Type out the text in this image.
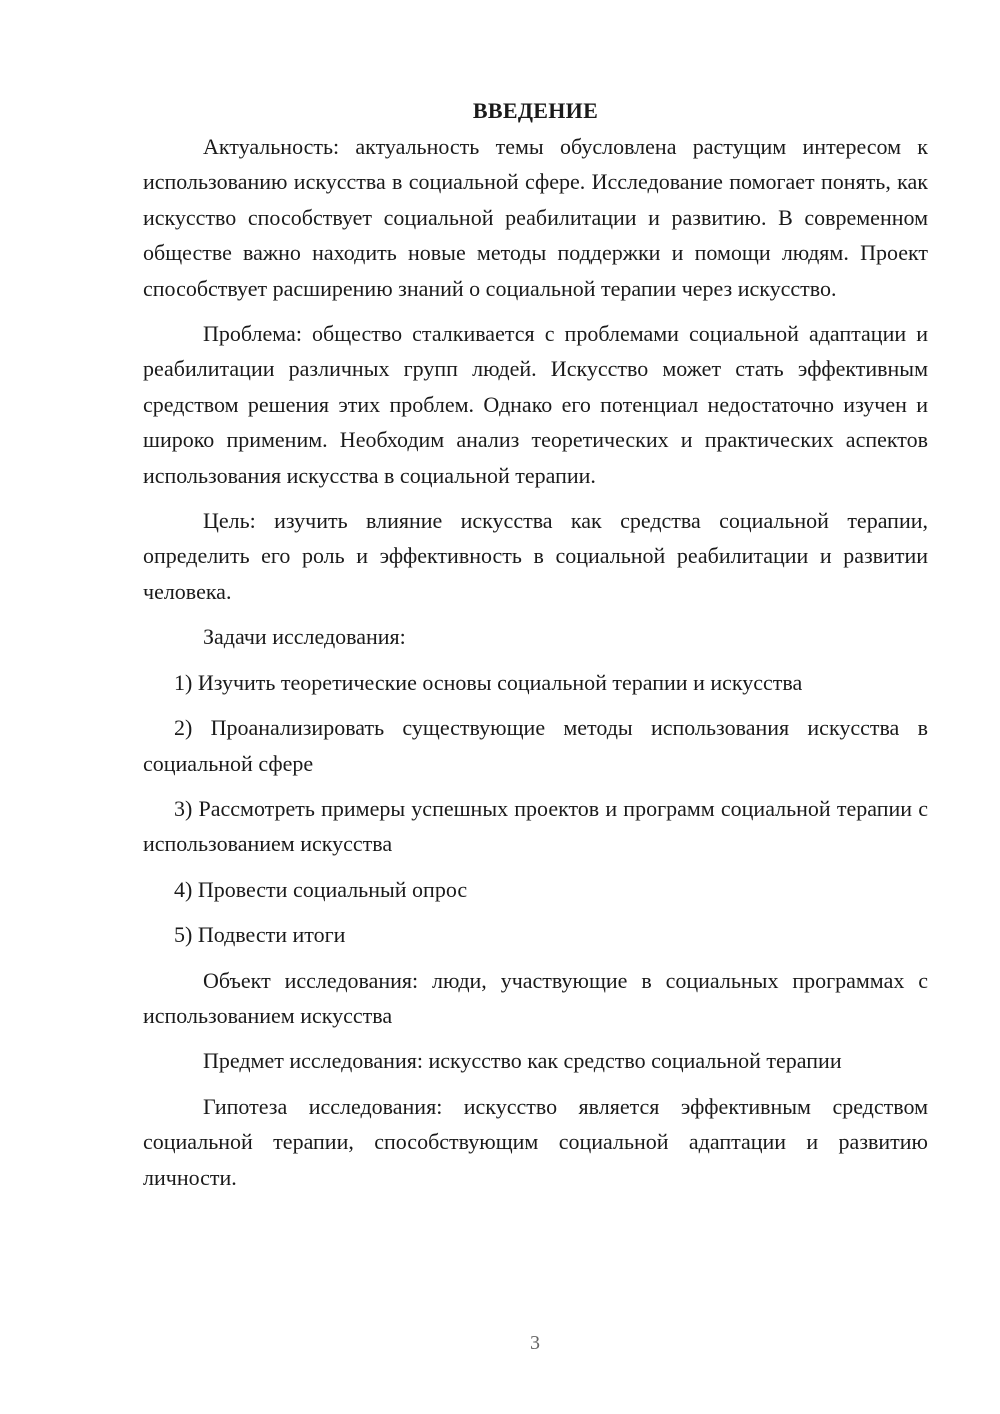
ВВЕДЕНИЕ

Актуальность: актуальность темы обусловлена растущим интересом к использованию искусства в социальной сфере. Исследование помогает понять, как искусство способствует социальной реабилитации и развитию. В современном обществе важно находить новые методы поддержки и помощи людям. Проект способствует расширению знаний о социальной терапии через искусство.

Проблема: общество сталкивается с проблемами социальной адаптации и реабилитации различных групп людей. Искусство может стать эффективным средством решения этих проблем. Однако его потенциал недостаточно изучен и широко применим. Необходим анализ теоретических и практических аспектов использования искусства в социальной терапии.

Цель: изучить влияние искусства как средства социальной терапии, определить его роль и эффективность в социальной реабилитации и развитии человека.

Задачи исследования:

1) Изучить теоретические основы социальной терапии и искусства

2) Проанализировать существующие методы использования искусства в социальной сфере

3) Рассмотреть примеры успешных проектов и программ социальной терапии с использованием искусства

4) Провести социальный опрос

5) Подвести итоги

Объект исследования: люди, участвующие в социальных программах с использованием искусства

Предмет исследования: искусство как средство социальной терапии

Гипотеза исследования: искусство является эффективным средством социальной терапии, способствующим социальной адаптации и развитию личности.

3
